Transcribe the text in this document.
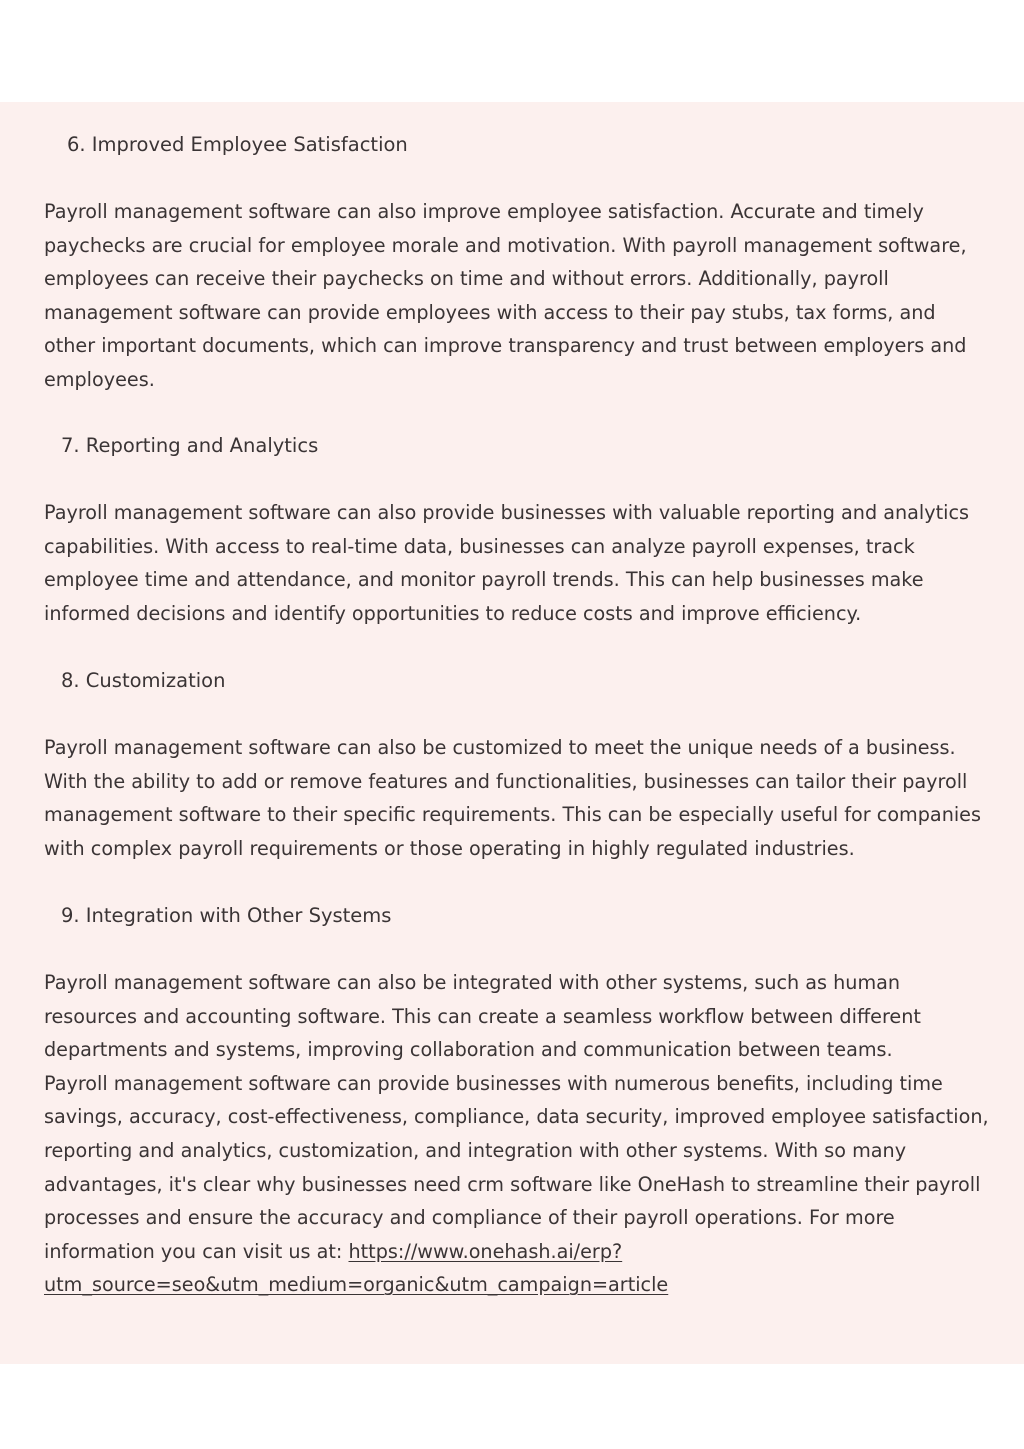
6. Improved Employee Satisfaction

Payroll management software can also improve employee satisfaction. Accurate and timely
paychecks are crucial for employee morale and motivation. With payroll management software,
employees can receive their paychecks on time and without errors. Additionally, payroll
management software can provide employees with access to their pay stubs, tax forms, and
other important documents, which can improve transparency and trust between employers and
employees.

7. Reporting and Analytics

Payroll management software can also provide businesses with valuable reporting and analytics
capabilities. With access to real-time data, businesses can analyze payroll expenses, track
employee time and attendance, and monitor payroll trends. This can help businesses make
informed decisions and identify opportunities to reduce costs and improve efficiency.

8. Customization

Payroll management software can also be customized to meet the unique needs of a business.
With the ability to add or remove features and functionalities, businesses can tailor their payroll
management software to their specific requirements. This can be especially useful for companies
with complex payroll requirements or those operating in highly regulated industries.

9. Integration with Other Systems

Payroll management software can also be integrated with other systems, such as human
resources and accounting software. This can create a seamless workflow between different
departments and systems, improving collaboration and communication between teams.
Payroll management software can provide businesses with numerous benefits, including time
savings, accuracy, cost-effectiveness, compliance, data security, improved employee satisfaction,
reporting and analytics, customization, and integration with other systems. With so many
advantages, it's clear why businesses need crm software like OneHash to streamline their payroll
processes and ensure the accuracy and compliance of their payroll operations. For more
information you can visit us at: https://www.onehash.ai/erp?
utm_source=seo&utm_medium=organic&utm_campaign=article
